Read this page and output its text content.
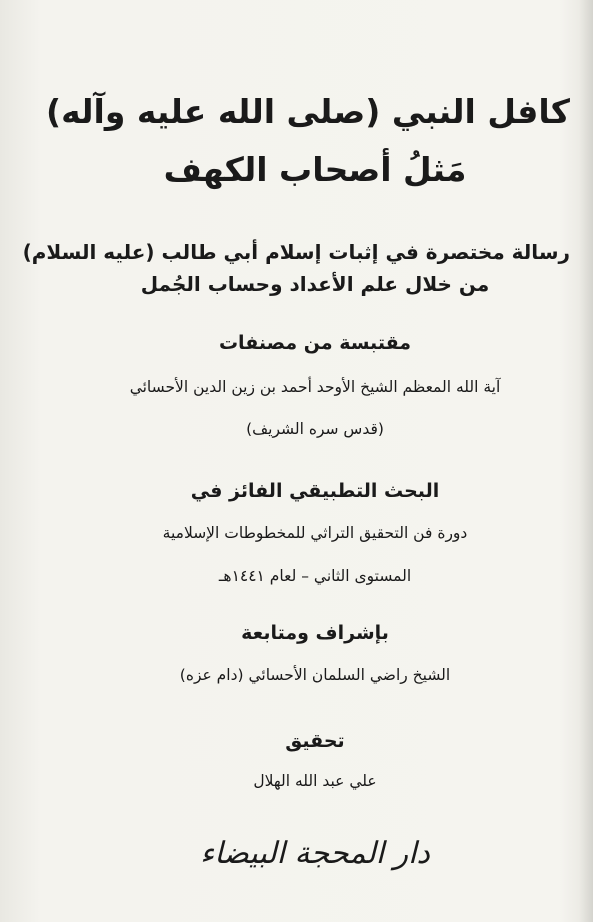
كافل النبي (صلى الله عليه وآله)
مَثلُ أصحاب الكهف
رسالة مختصرة في إثبات إسلام أبي طالب (عليه السلام)
من خلال علم الأعداد وحساب الجُمل
مقتبسة من مصنفات
آية الله المعظم الشيخ الأوحد أحمد بن زين الدين الأحسائي
(قدس سره الشريف)
البحث التطبيقي الفائز في
دورة فن التحقيق التراثي للمخطوطات الإسلامية
المستوى الثاني – لعام ١٤٤١هـ
بإشراف ومتابعة
الشيخ راضي السلمان الأحسائي (دام عزه)
تحقيق
علي عبد الله الهلال
دار المحجة البيضاء
